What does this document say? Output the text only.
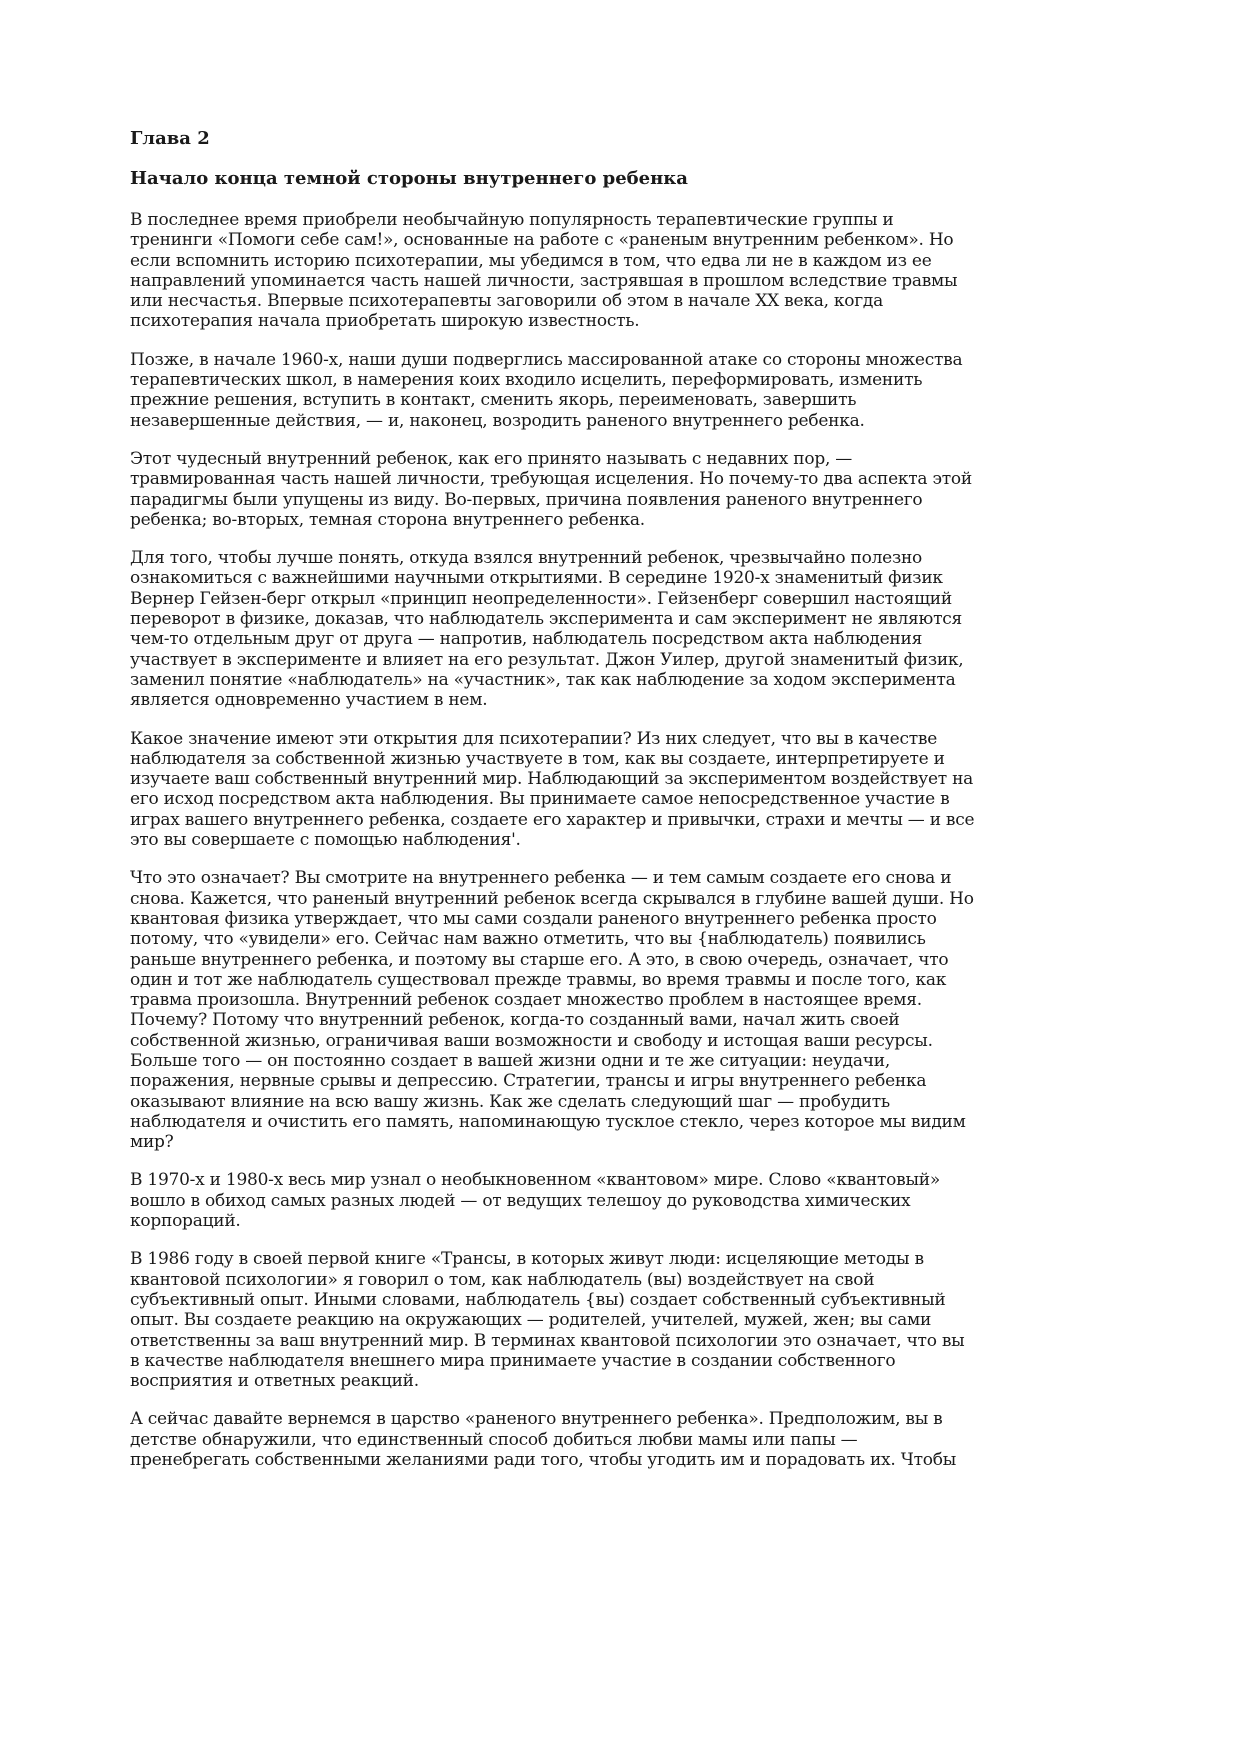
Глава 2
Начало конца темной стороны внутреннего ребенка

В последнее время приобрели необычайную популярность терапевтические группы и
тренинги «Помоги себе сам!», основанные на работе с «раненым внутренним ребенком». Но
если вспомнить историю психотерапии, мы убедимся в том, что едва ли не в каждом из ее
направлений упоминается часть нашей личности, застрявшая в прошлом вследствие травмы
или несчастья. Впервые психотерапевты заговорили об этом в начале XX века, когда
психотерапия начала приобретать широкую известность.

Позже, в начале 1960-х, наши души подверглись массированной атаке со стороны множества
терапевтических школ, в намерения коих входило исцелить, переформировать, изменить
прежние решения, вступить в контакт, сменить якорь, переименовать, завершить
незавершенные действия, — и, наконец, возродить раненого внутреннего ребенка.

Этот чудесный внутренний ребенок, как его принято называть с недавних пор, —
травмированная часть нашей личности, требующая исцеления. Но почему-то два аспекта этой
парадигмы были упущены из виду. Во-первых, причина появления раненого внутреннего
ребенка; во-вторых, темная сторона внутреннего ребенка.

Для того, чтобы лучше понять, откуда взялся внутренний ребенок, чрезвычайно полезно
ознакомиться с важнейшими научными открытиями. В середине 1920-х знаменитый физик
Вернер Гейзен-берг открыл «принцип неопределенности». Гейзенберг совершил настоящий
переворот в физике, доказав, что наблюдатель эксперимента и сам эксперимент не являются
чем-то отдельным друг от друга — напротив, наблюдатель посредством акта наблюдения
участвует в эксперименте и влияет на его результат. Джон Уилер, другой знаменитый физик,
заменил понятие «наблюдатель» на «участник», так как наблюдение за ходом эксперимента
является одновременно участием в нем.

Какое значение имеют эти открытия для психотерапии? Из них следует, что вы в качестве
наблюдателя за собственной жизнью участвуете в том, как вы создаете, интерпретируете и
изучаете ваш собственный внутренний мир. Наблюдающий за экспериментом воздействует на
его исход посредством акта наблюдения. Вы принимаете самое непосредственное участие в
играх вашего внутреннего ребенка, создаете его характер и привычки, страхи и мечты — и все
это вы совершаете с помощью наблюдения'.

Что это означает? Вы смотрите на внутреннего ребенка — и тем самым создаете его снова и
снова. Кажется, что раненый внутренний ребенок всегда скрывался в глубине вашей души. Но
квантовая физика утверждает, что мы сами создали раненого внутреннего ребенка просто
потому, что «увидели» его. Сейчас нам важно отметить, что вы {наблюдатель) появились
раньше внутреннего ребенка, и поэтому вы старше его. А это, в свою очередь, означает, что
один и тот же наблюдатель существовал прежде травмы, во время травмы и после того, как
травма произошла. Внутренний ребенок создает множество проблем в настоящее время.
Почему? Потому что внутренний ребенок, когда-то созданный вами, начал жить своей
собственной жизнью, ограничивая ваши возможности и свободу и истощая ваши ресурсы.
Больше того — он постоянно создает в вашей жизни одни и те же ситуации: неудачи,
поражения, нервные срывы и депрессию. Стратегии, трансы и игры внутреннего ребенка
оказывают влияние на всю вашу жизнь. Как же сделать следующий шаг — пробудить
наблюдателя и очистить его память, напоминающую тусклое стекло, через которое мы видим
мир?

В 1970-х и 1980-х весь мир узнал о необыкновенном «квантовом» мире. Слово «квантовый»
вошло в обиход самых разных людей — от ведущих телешоу до руководства химических
корпораций.

В 1986 году в своей первой книге «Трансы, в которых живут люди: исцеляющие методы в
квантовой психологии» я говорил о том, как наблюдатель (вы) воздействует на свой
субъективный опыт. Иными словами, наблюдатель {вы) создает собственный субъективный
опыт. Вы создаете реакцию на окружающих — родителей, учителей, мужей, жен; вы сами
ответственны за ваш внутренний мир. В терминах квантовой психологии это означает, что вы
в качестве наблюдателя внешнего мира принимаете участие в создании собственного
восприятия и ответных реакций.

А сейчас давайте вернемся в царство «раненого внутреннего ребенка». Предположим, вы в
детстве обнаружили, что единственный способ добиться любви мамы или папы —
пренебрегать собственными желаниями ради того, чтобы угодить им и порадовать их. Чтобы
